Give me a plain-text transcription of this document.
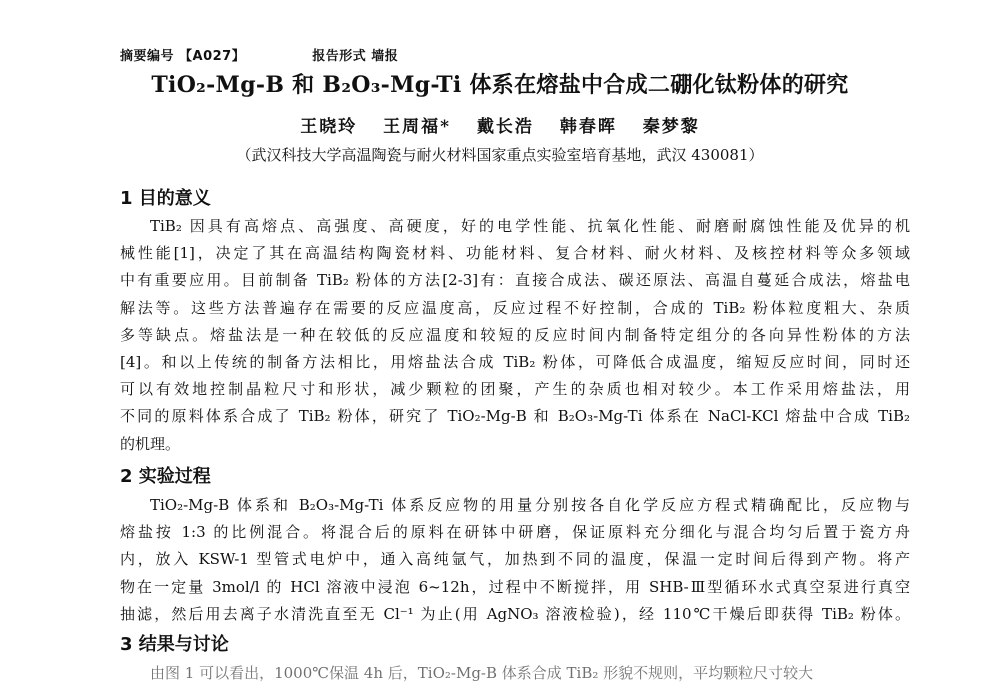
摘要编号 【A027】	报告形式 墙报
TiO₂-Mg-B 和 B₂O₃-Mg-Ti 体系在熔盐中合成二硼化钛粉体的研究
王晓玲 王周福* 戴长浩 韩春晖 秦梦黎
（武汉科技大学高温陶瓷与耐火材料国家重点实验室培育基地，武汉 430081）
1 目的意义
TiB₂ 因具有高熔点、高强度、高硬度，好的电学性能、抗氧化性能、耐磨耐腐蚀性能及优异的机
械性能[1]，决定了其在高温结构陶瓷材料、功能材料、复合材料、耐火材料、及核控材料等众多领域
中有重要应用。目前制备 TiB₂ 粉体的方法[2-3]有：直接合成法、碳还原法、高温自蔓延合成法，熔盐电
解法等。这些方法普遍存在需要的反应温度高，反应过程不好控制，合成的 TiB₂ 粉体粒度粗大、杂质
多等缺点。熔盐法是一种在较低的反应温度和较短的反应时间内制备特定组分的各向异性粉体的方法
[4]。和以上传统的制备方法相比，用熔盐法合成 TiB₂ 粉体，可降低合成温度，缩短反应时间，同时还
可以有效地控制晶粒尺寸和形状，减少颗粒的团聚，产生的杂质也相对较少。本工作采用熔盐法，用
不同的原料体系合成了 TiB₂ 粉体，研究了 TiO₂-Mg-B 和 B₂O₃-Mg-Ti 体系在 NaCl-KCl 熔盐中合成 TiB₂
的机理。
2 实验过程
TiO₂-Mg-B 体系和 B₂O₃-Mg-Ti 体系反应物的用量分别按各自化学反应方程式精确配比，反应物与
熔盐按 1:3 的比例混合。将混合后的原料在研钵中研磨，保证原料充分细化与混合均匀后置于瓷方舟
内，放入 KSW-1 型管式电炉中，通入高纯氩气，加热到不同的温度，保温一定时间后得到产物。将产
物在一定量 3mol/l 的 HCl 溶液中浸泡 6~12h，过程中不断搅拌，用 SHB-Ⅲ型循环水式真空泵进行真空
抽滤，然后用去离子水清洗直至无 Cl⁻¹ 为止(用 AgNO₃ 溶液检验)，经 110℃干燥后即获得 TiB₂ 粉体。
3 结果与讨论
由图 1 可以看出，1000℃保温 4h 后，TiO₂-Mg-B 体系合成 TiB₂ 形貌不规则，平均颗粒尺寸较大
